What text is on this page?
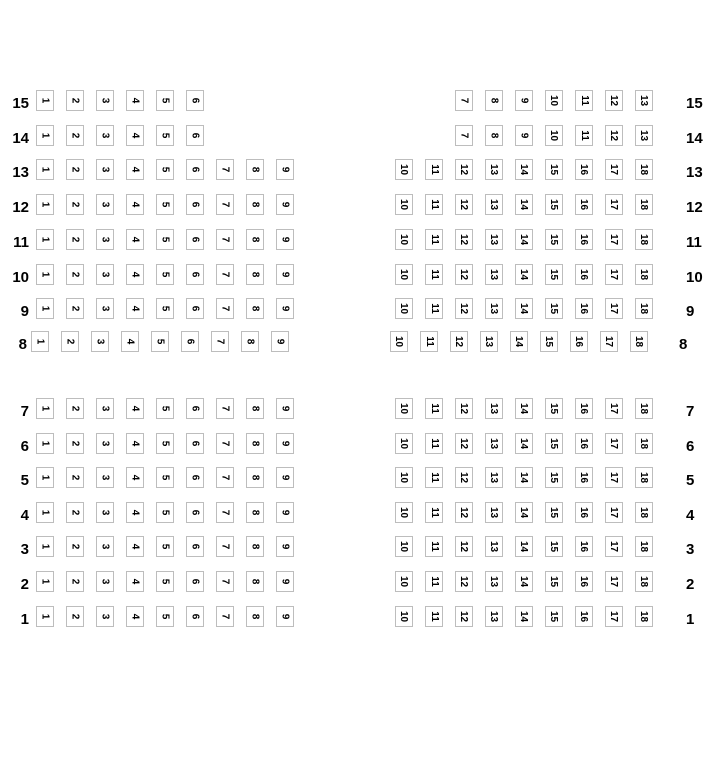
15 1 2 3 4 5 6	7 8 9 10 11 12 13 15
14 1 2 3 4 5 6	7 8 9 10 11 12 13 14
13 1 2 3 4 5 6 7 8 9	10 11 12 13 14 15 16 17 18 13
12 1 2 3 4 5 6 7 8 9	10 11 12 13 14 15 16 17 18 12
11 1 2 3 4 5 6 7 8 9	10 11 12 13 14 15 16 17 18 11
10 1 2 3 4 5 6 7 8 9	10 11 12 13 14 15 16 17 18 10
9 1 2 3 4 5 6 7 8 9	10 11 12 13 14 15 16 17 18 9
8 1 2 3 4 5 6 7 8 9	10 11 12 13 14 15 16 17 18 8
7 1 2 3 4 5 6 7 8 9	10 11 12 13 14 15 16 17 18 7
6 1 2 3 4 5 6 7 8 9	10 11 12 13 14 15 16 17 18 6
5 1 2 3 4 5 6 7 8 9	10 11 12 13 14 15 16 17 18 5
4 1 2 3 4 5 6 7 8 9	10 11 12 13 14 15 16 17 18 4
3 1 2 3 4 5 6 7 8 9	10 11 12 13 14 15 16 17 18 3
2 1 2 3 4 5 6 7 8 9	10 11 12 13 14 15 16 17 18 2
1 1 2 3 4 5 6 7 8 9	10 11 12 13 14 15 16 17 18 1
